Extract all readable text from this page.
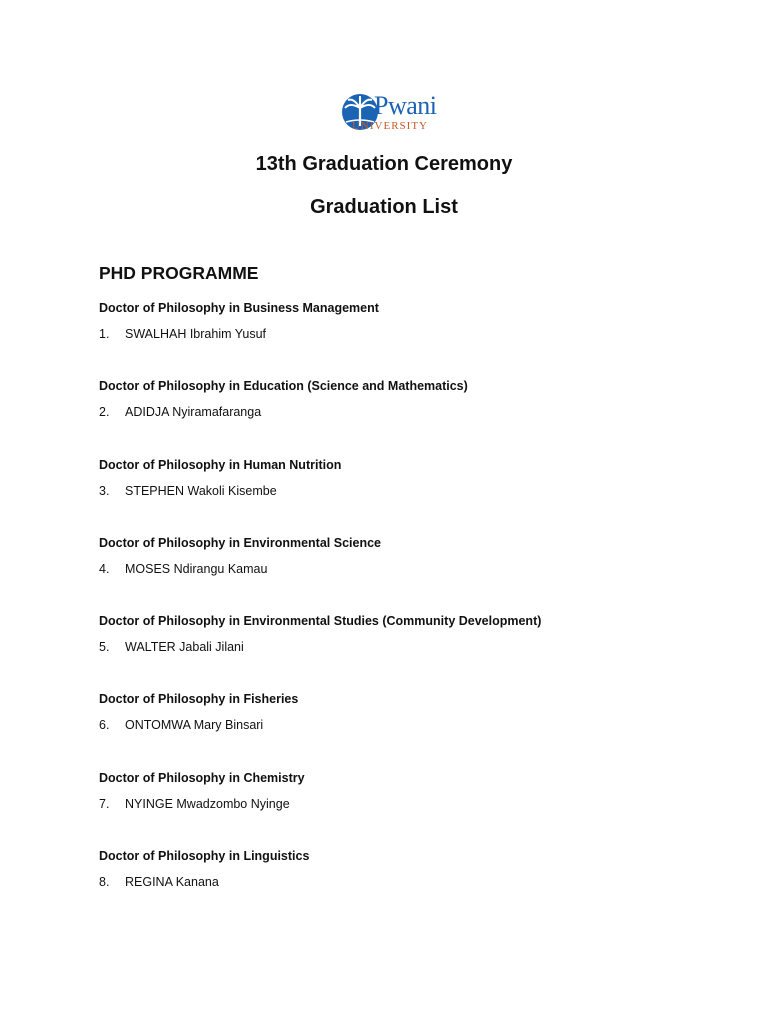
Pwani
UNIVERSITY
13th Graduation Ceremony
Graduation List
PHD PROGRAMME
Doctor of Philosophy in Business Management
1. SWALHAH Ibrahim Yusuf
Doctor of Philosophy in Education (Science and Mathematics)
2. ADIDJA Nyiramafaranga
Doctor of Philosophy in Human Nutrition
3. STEPHEN Wakoli Kisembe
Doctor of Philosophy in Environmental Science
4. MOSES Ndirangu Kamau
Doctor of Philosophy in Environmental Studies (Community Development)
5. WALTER Jabali Jilani
Doctor of Philosophy in Fisheries
6. ONTOMWA Mary Binsari
Doctor of Philosophy in Chemistry
7. NYINGE Mwadzombo Nyinge
Doctor of Philosophy in Linguistics
8. REGINA Kanana
